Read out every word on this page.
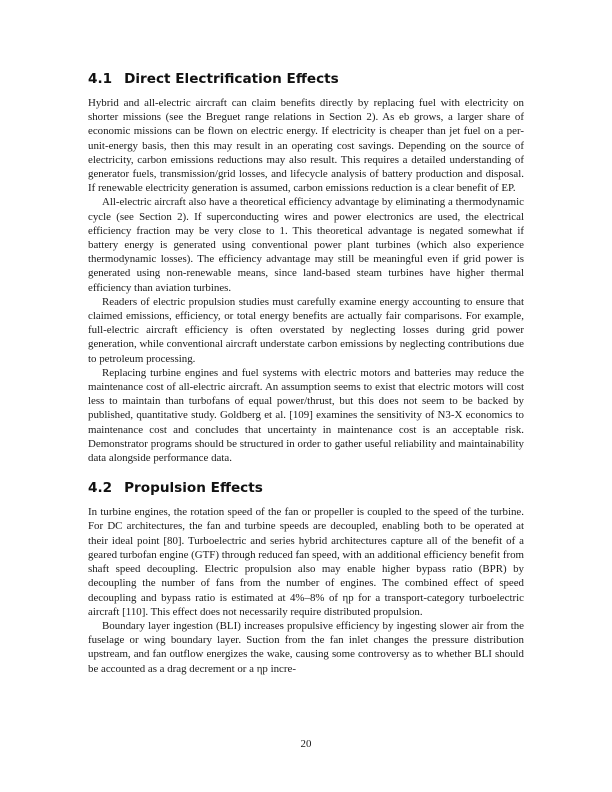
4.1 Direct Electrification Effects

Hybrid and all-electric aircraft can claim benefits directly by replacing fuel with electricity on shorter missions (see the Breguet range relations in Section 2). As eb grows, a larger share of economic missions can be flown on electric energy. If electricity is cheaper than jet fuel on a per-unit-energy basis, then this may result in an operating cost savings. Depending on the source of electricity, carbon emissions reductions may also result. This requires a detailed understanding of generator fuels, transmission/grid losses, and lifecycle analysis of battery production and disposal. If renewable electricity generation is assumed, carbon emissions reduction is a clear benefit of EP.

All-electric aircraft also have a theoretical efficiency advantage by eliminating a thermodynamic cycle (see Section 2). If superconducting wires and power electronics are used, the electrical efficiency fraction may be very close to 1. This theoretical advantage is negated somewhat if battery energy is generated using conventional power plant turbines (which also experience thermodynamic losses). The efficiency advantage may still be meaningful even if grid power is generated using non-renewable means, since land-based steam turbines have higher thermal efficiency than aviation turbines.

Readers of electric propulsion studies must carefully examine energy accounting to ensure that claimed emissions, efficiency, or total energy benefits are actually fair comparisons. For example, full-electric aircraft efficiency is often overstated by neglecting losses during grid power generation, while conventional aircraft understate carbon emissions by neglecting contributions due to petroleum processing.

Replacing turbine engines and fuel systems with electric motors and batteries may reduce the maintenance cost of all-electric aircraft. An assumption seems to exist that electric motors will cost less to maintain than turbofans of equal power/thrust, but this does not seem to be backed by published, quantitative study. Goldberg et al. [109] examines the sensitivity of N3-X economics to maintenance cost and concludes that uncertainty in maintenance cost is an acceptable risk. Demonstrator programs should be structured in order to gather useful reliability and maintainability data alongside performance data.

4.2 Propulsion Effects

In turbine engines, the rotation speed of the fan or propeller is coupled to the speed of the turbine. For DC architectures, the fan and turbine speeds are decoupled, enabling both to be operated at their ideal point [80]. Turboelectric and series hybrid architectures capture all of the benefit of a geared turbofan engine (GTF) through reduced fan speed, with an additional efficiency benefit from shaft speed decoupling. Electric propulsion also may enable higher bypass ratio (BPR) by decoupling the number of fans from the number of engines. The combined effect of speed decoupling and bypass ratio is estimated at 4%–8% of ηp for a transport-category turboelectric aircraft [110]. This effect does not necessarily require distributed propulsion.

Boundary layer ingestion (BLI) increases propulsive efficiency by ingesting slower air from the fuselage or wing boundary layer. Suction from the fan inlet changes the pressure distribution upstream, and fan outflow energizes the wake, causing some controversy as to whether BLI should be accounted as a drag decrement or a ηp incre-

20
